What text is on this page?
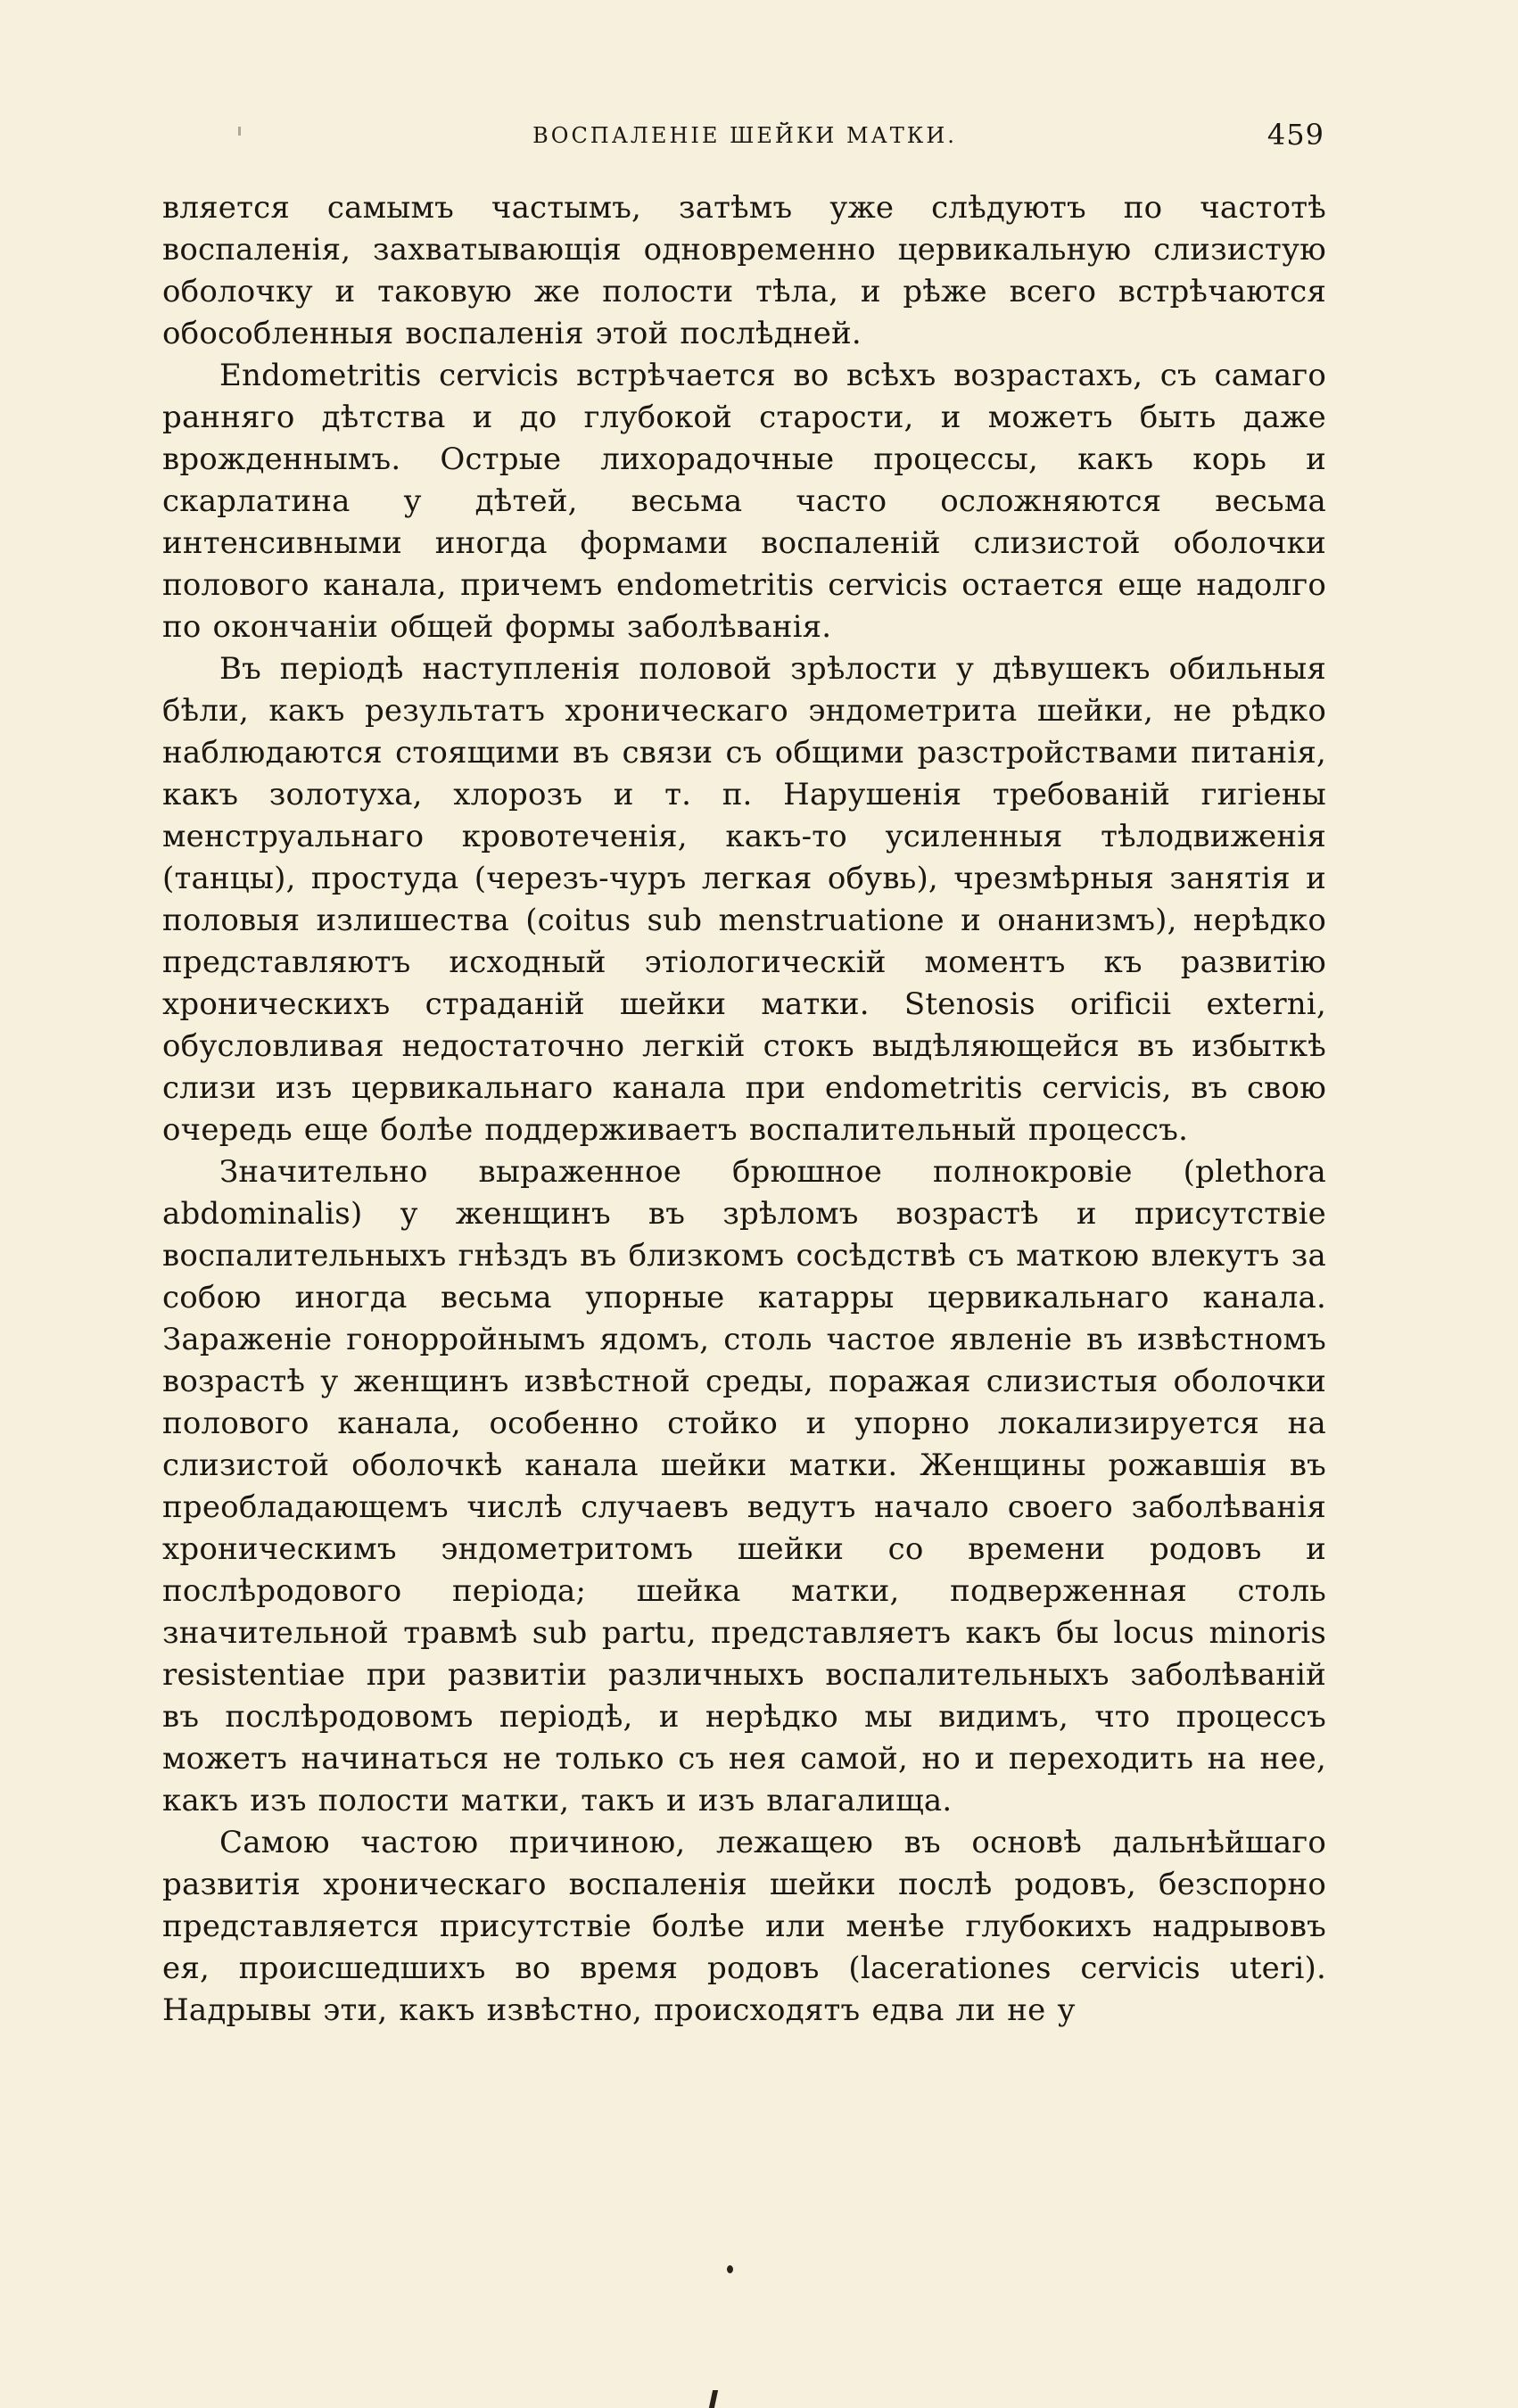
ВОСПАЛЕНІЕ ШЕЙКИ МАТКИ.	459

вляется самымъ частымъ, затѣмъ уже слѣдуютъ по частотѣ воспаленія, захватывающія одновременно цервикальную слизистую оболочку и таковую же полости тѣла, и рѣже всего встрѣчаются обособленныя воспаленія этой послѣдней.

Endometritis cervicis встрѣчается во всѣхъ возрастахъ, съ самаго ранняго дѣтства и до глубокой старости, и можетъ быть даже врожденнымъ. Острые лихорадочные процессы, какъ корь и скарлатина у дѣтей, весьма часто осложняются весьма интенсивными иногда формами воспаленій слизистой оболочки полового канала, причемъ endometritis cervicis остается еще надолго по окончаніи общей формы заболѣванія.

Въ періодѣ наступленія половой зрѣлости у дѣвушекъ обильныя бѣли, какъ результатъ хроническаго эндометрита шейки, не рѣдко наблюдаются стоящими въ связи съ общими разстройствами питанія, какъ золотуха, хлорозъ и т. п. Нарушенія требованій гигіены менструальнаго кровотеченія, какъ-то усиленныя тѣлодвиженія (танцы), простуда (черезъ-чуръ легкая обувь), чрезмѣрныя занятія и половыя излишества (coitus sub menstruatione и онанизмъ), нерѣдко представляютъ исходный этіологическій моментъ къ развитію хроническихъ страданій шейки матки. Stenosis orificii externi, обусловливая недостаточно легкій стокъ выдѣляющейся въ избыткѣ слизи изъ цервикальнаго канала при endometritis cervicis, въ свою очередь еще болѣе поддерживаетъ воспалительный процессъ.

Значительно выраженное брюшное полнокровіе (plethora abdominalis) у женщинъ въ зрѣломъ возрастѣ и присутствіе воспалительныхъ гнѣздъ въ близкомъ сосѣдствѣ съ маткою влекутъ за собою иногда весьма упорные катарры цервикальнаго канала. Зараженіе гонорройнымъ ядомъ, столь частое явленіе въ извѣстномъ возрастѣ у женщинъ извѣстной среды, поражая слизистыя оболочки полового канала, особенно стойко и упорно локализируется на слизистой оболочкѣ канала шейки матки. Женщины рожавшія въ преобладающемъ числѣ случаевъ ведутъ начало своего заболѣванія хроническимъ эндометритомъ шейки со времени родовъ и послѣродового періода; шейка матки, подверженная столь значительной травмѣ sub partu, представляетъ какъ бы locus minoris resistentiae при развитіи различныхъ воспалительныхъ заболѣваній въ послѣродовомъ періодѣ, и нерѣдко мы видимъ, что процессъ можетъ начинаться не только съ нея самой, но и переходить на нее, какъ изъ полости матки, такъ и изъ влагалища.

Самою частою причиною, лежащею въ основѣ дальнѣйшаго развитія хроническаго воспаленія шейки послѣ родовъ, безспорно представляется присутствіе болѣе или менѣе глубокихъ надрывовъ ея, происшедшихъ во время родовъ (lacerationes cervicis uteri). Надрывы эти, какъ извѣстно, происходятъ едва ли не у
